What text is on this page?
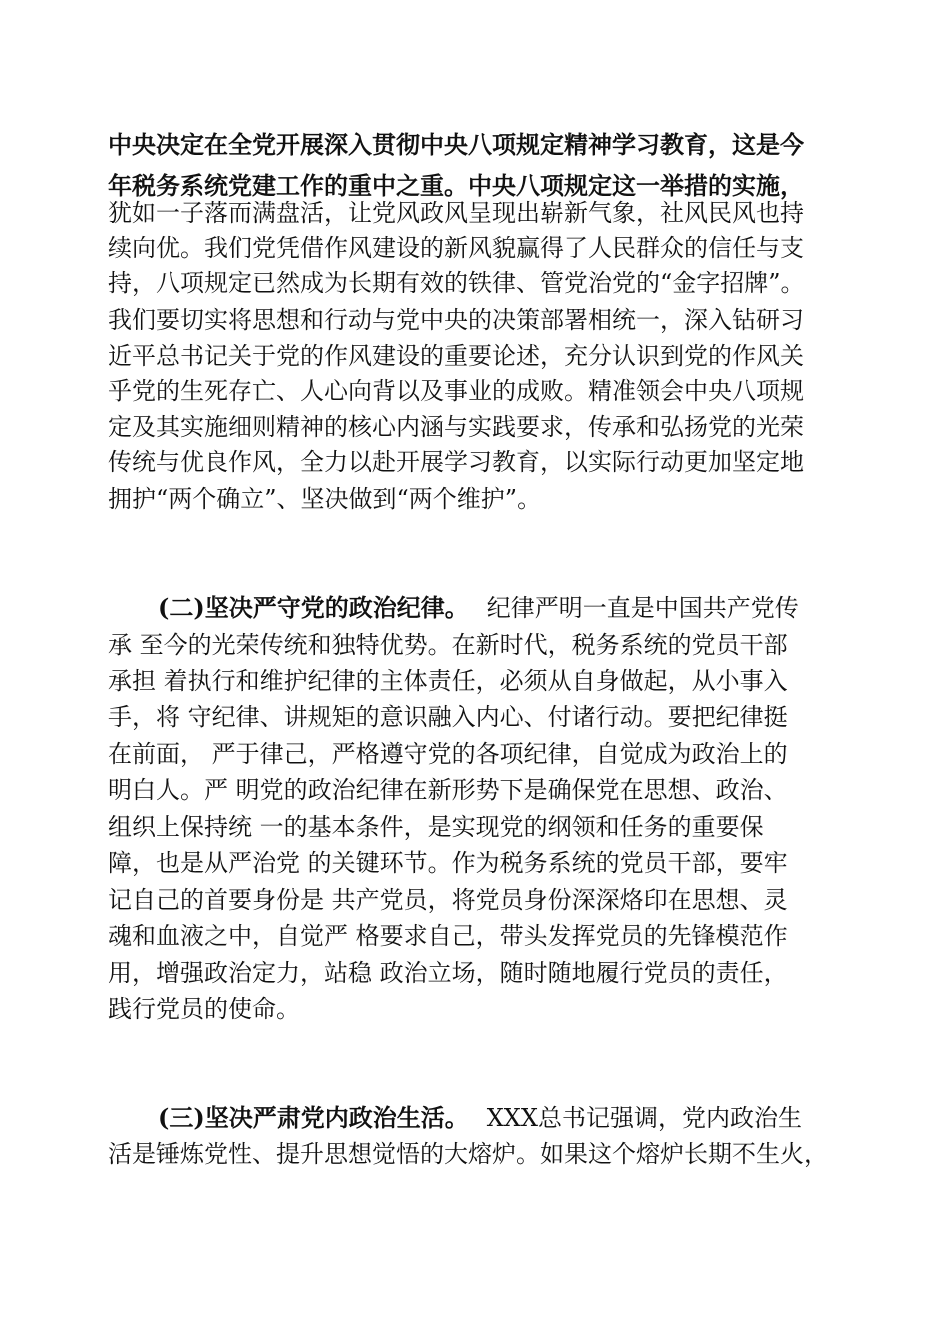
中央决定在全党开展深入贯彻中央八项规定精神学习教育，这是今
年税务系统党建工作的重中之重。中央八项规定这一举措的实施，
犹如一子落而满盘活，让党风政风呈现出崭新气象，社风民风也持
续向优。我们党凭借作风建设的新风貌赢得了人民群众的信任与支
持，八项规定已然成为长期有效的铁律、管党治党的“金字招牌”。
我们要切实将思想和行动与党中央的决策部署相统一，深入钻研习
近平总书记关于党的作风建设的重要论述，充分认识到党的作风关
乎党的生死存亡、人心向背以及事业的成败。精准领会中央八项规
定及其实施细则精神的核心内涵与实践要求，传承和弘扬党的光荣
传统与优良作风，全力以赴开展学习教育，以实际行动更加坚定地
拥护“两个确立”、坚决做到“两个维护”。
(二)坚决严守党的政治纪律。 纪律严明一直是中国共产党传
承 至今的光荣传统和独特优势。在新时代，税务系统的党员干部
承担 着执行和维护纪律的主体责任，必须从自身做起，从小事入
手，将 守纪律、讲规矩的意识融入内心、付诸行动。要把纪律挺
在前面， 严于律己，严格遵守党的各项纪律，自觉成为政治上的
明白人。严 明党的政治纪律在新形势下是确保党在思想、政治、
组织上保持统 一的基本条件，是实现党的纲领和任务的重要保
障，也是从严治党 的关键环节。作为税务系统的党员干部，要牢
记自己的首要身份是 共产党员，将党员身份深深烙印在思想、灵
魂和血液之中，自觉严 格要求自己，带头发挥党员的先锋模范作
用，增强政治定力，站稳 政治立场，随时随地履行党员的责任，
践行党员的使命。
(三)坚决严肃党内政治生活。 XXX总书记强调，党内政治生
活是锤炼党性、提升思想觉悟的大熔炉。如果这个熔炉长期不生火，
